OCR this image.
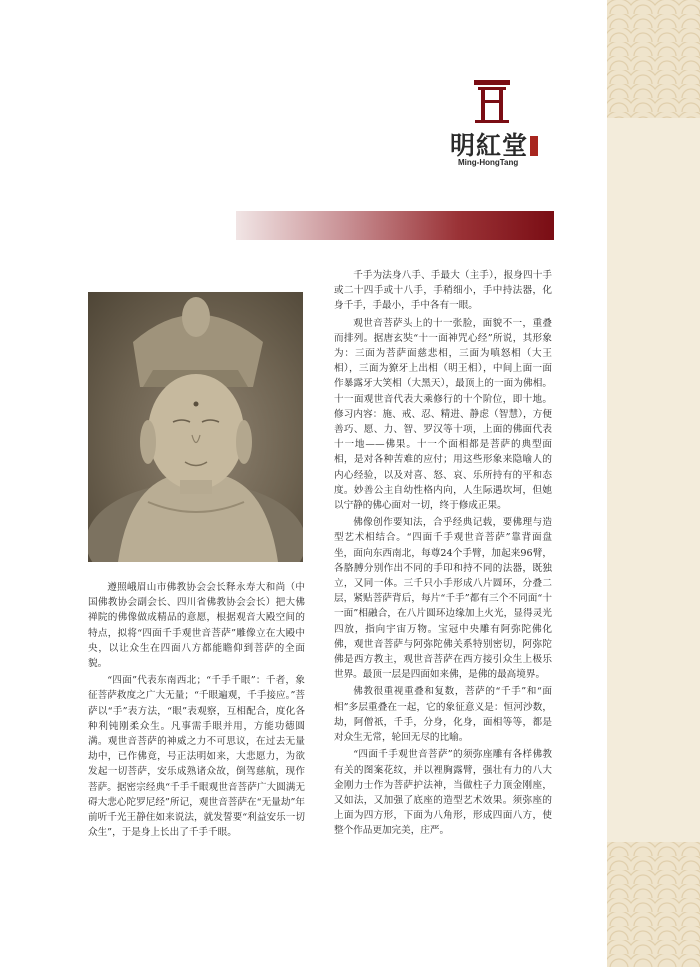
明紅堂
Ming-HongTang

遵照峨眉山市佛教协会会长释永寿大和尚（中国佛教协会副会长、四川省佛教协会会长）把大佛禅院的佛像做成精品的意愿，根据观音大殿空间的特点，拟将“四面千手观世音菩萨”雕像立在大殿中央，以让众生在四面八方都能瞻仰到菩萨的全面貌。

“四面”代表东南西北；“千手千眼”：千者，象征菩萨救度之广大无量；“千眼遍观，千手接应。”菩萨以“手”表方法，“眼”表观察，互相配合，度化各种利钝刚柔众生。凡事需手眼并用，方能功德圆满。观世音菩萨的神威之力不可思议，在过去无量劫中，已作佛竟，号正法明如来，大悲愿力，为欲发起一切菩萨，安乐成熟诸众故，倒驾慈航，现作菩萨。据密宗经典“千手千眼观世音菩萨广大圆满无碍大悲心陀罗尼经”所记，观世音菩萨在“无量劫”年前听千光王静住如来说法，就发誓要“利益安乐一切众生”，于是身上长出了千手千眼。

千手为法身八手、手最大（主手），报身四十手或二十四手或十八手，手稍细小，手中持法器，化身千手，手最小，手中各有一眼。

观世音菩萨头上的十一张脸，面貌不一，重叠而排列。据唐玄奘“十一面神咒心经”所说，其形象为：三面为菩萨面慈悲相，三面为嗔怒相（大王相），三面为獠牙上出相（明王相），中间上面一面作暴露牙大笑相（大黑天），最顶上的一面为佛相。十一面观世音代表大乘修行的十个阶位，即十地。修习内容：施、戒、忍、精进、静虑（智慧），方便善巧、愿、力、智、罗汉等十项，上面的佛面代表十一地——佛果。十一个面相都是菩萨的典型面相，是对各种苦难的应付；用这些形象来隐喻人的内心经验，以及对喜、怒、哀、乐所持有的平和态度。妙善公主自幼性格内向，人生际遇坎坷，但她以宁静的佛心面对一切，终于修成正果。

佛像创作要知法，合乎经典记载，要佛理与造型艺术相结合。“四面千手观世音菩萨”靠背面盘坐，面向东西南北，每尊24个手臂，加起来96臂，各胳膊分别作出不同的手印和持不同的法器，既独立，又同一体。三千只小手形成八片圆环，分叠二层，紧贴菩萨背后，每片“千手”都有三个不同面“十一面”相融合，在八片圆环边缘加上火光，显得灵光四放，指向宇宙万物。宝冠中央雕有阿弥陀佛化佛，观世音菩萨与阿弥陀佛关系特别密切，阿弥陀佛是西方教主，观世音菩萨在西方接引众生上极乐世界。最顶一层是四面如来佛，是佛的最高境界。

佛教很重视重叠和复数，菩萨的“千手”和“面相”多层重叠在一起，它的象征意义是：恒河沙数，劫，阿僧祇，千手，分身，化身，面相等等，都是对众生无常，轮回无尽的比喻。

“四面千手观世音菩萨”的须弥座雕有各样佛教有关的图案花纹，并以裡胸露臂，强壮有力的八大金刚力士作为菩萨护法神，当做柱子力顶金刚座，又如法，又加强了底座的造型艺术效果。须弥座的上面为四方形，下面为八角形，形成四面八方，使整个作品更加完美，庄严。
